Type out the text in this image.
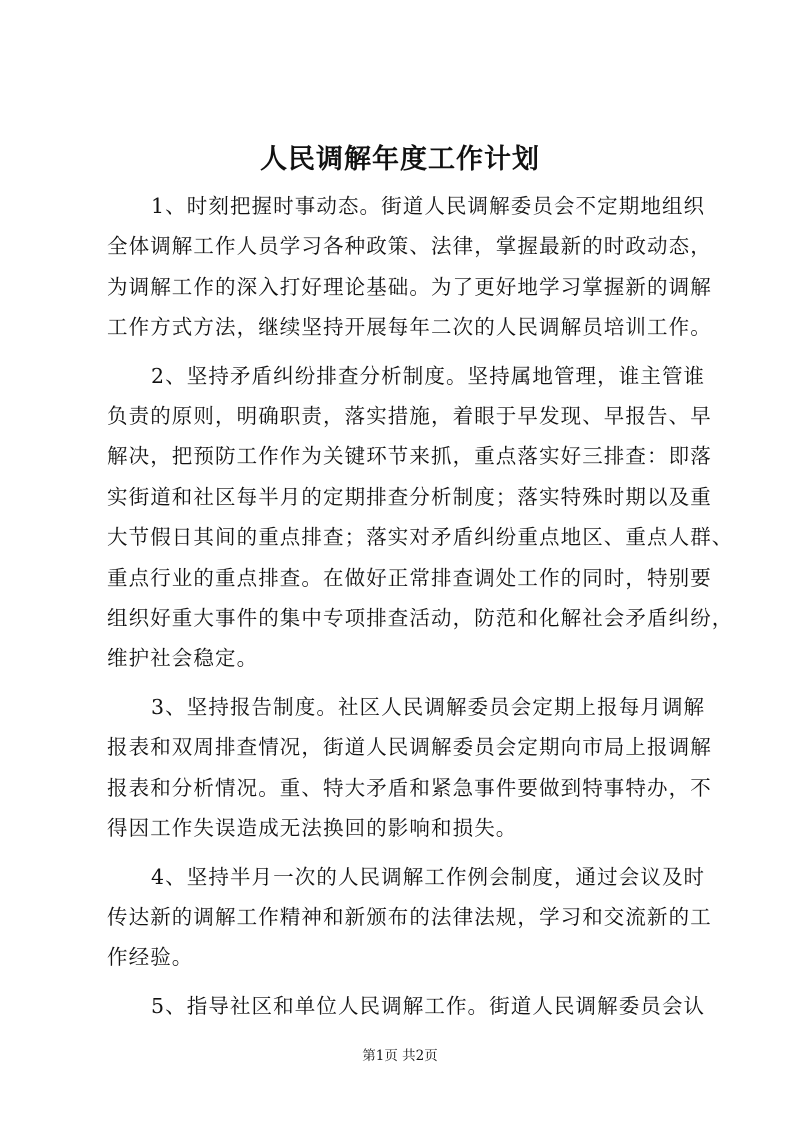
人民调解年度工作计划

1、时刻把握时事动态。街道人民调解委员会不定期地组织
全体调解工作人员学习各种政策、法律，掌握最新的时政动态，
为调解工作的深入打好理论基础。为了更好地学习掌握新的调解
工作方式方法，继续坚持开展每年二次的人民调解员培训工作。

2、坚持矛盾纠纷排查分析制度。坚持属地管理，谁主管谁
负责的原则，明确职责，落实措施，着眼于早发现、早报告、早
解决，把预防工作作为关键环节来抓，重点落实好三排查：即落
实街道和社区每半月的定期排查分析制度；落实特殊时期以及重
大节假日其间的重点排查；落实对矛盾纠纷重点地区、重点人群、
重点行业的重点排查。在做好正常排查调处工作的同时，特别要
组织好重大事件的集中专项排查活动，防范和化解社会矛盾纠纷，
维护社会稳定。

3、坚持报告制度。社区人民调解委员会定期上报每月调解
报表和双周排查情况，街道人民调解委员会定期向市局上报调解
报表和分析情况。重、特大矛盾和紧急事件要做到特事特办，不
得因工作失误造成无法换回的影响和损失。

4、坚持半月一次的人民调解工作例会制度，通过会议及时
传达新的调解工作精神和新颁布的法律法规，学习和交流新的工
作经验。

5、指导社区和单位人民调解工作。街道人民调解委员会认

第1页 共2页
